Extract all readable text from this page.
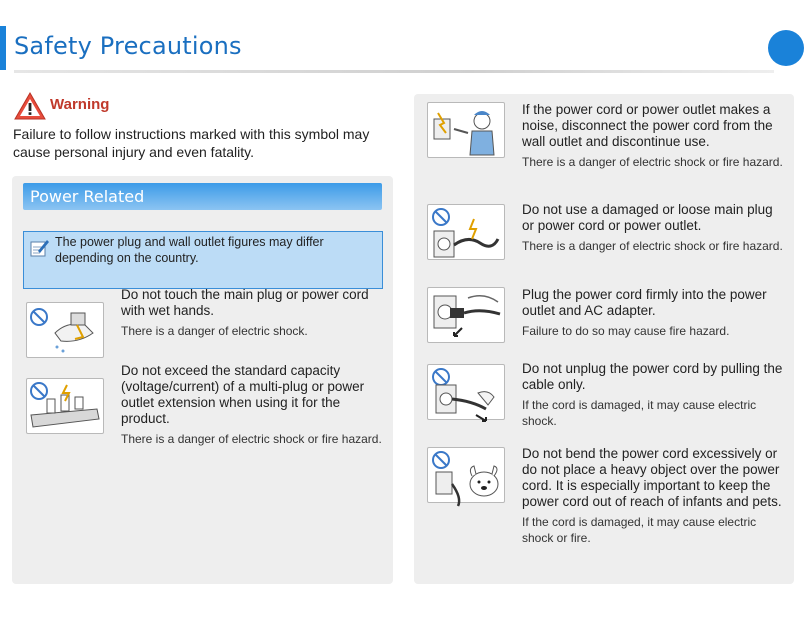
Safety Precautions
Warning
Failure to follow instructions marked with this symbol may cause personal injury and even fatality.
Power Related
The power plug and wall outlet figures may differ depending on the country.
Do not touch the main plug or power cord with wet hands.
There is a danger of electric shock.
Do not exceed the standard capacity (voltage/current) of a multi-plug or power outlet extension when using it for the product.
There is a danger of electric shock or fire hazard.
If the power cord or power outlet makes a noise, disconnect the power cord from the wall outlet and discontinue use.
There is a danger of electric shock or fire hazard.
Do not use a damaged or loose main plug or power cord or power outlet.
There is a danger of electric shock or fire hazard.
Plug the power cord firmly into the power outlet and AC adapter.
Failure to do so may cause fire hazard.
Do not unplug the power cord by pulling the cable only.
If the cord is damaged, it may cause electric shock.
Do not bend the power cord excessively or do not place a heavy object over the power cord. It is especially important to keep the power cord out of reach of infants and pets.
If the cord is damaged, it may cause electric shock or fire.
